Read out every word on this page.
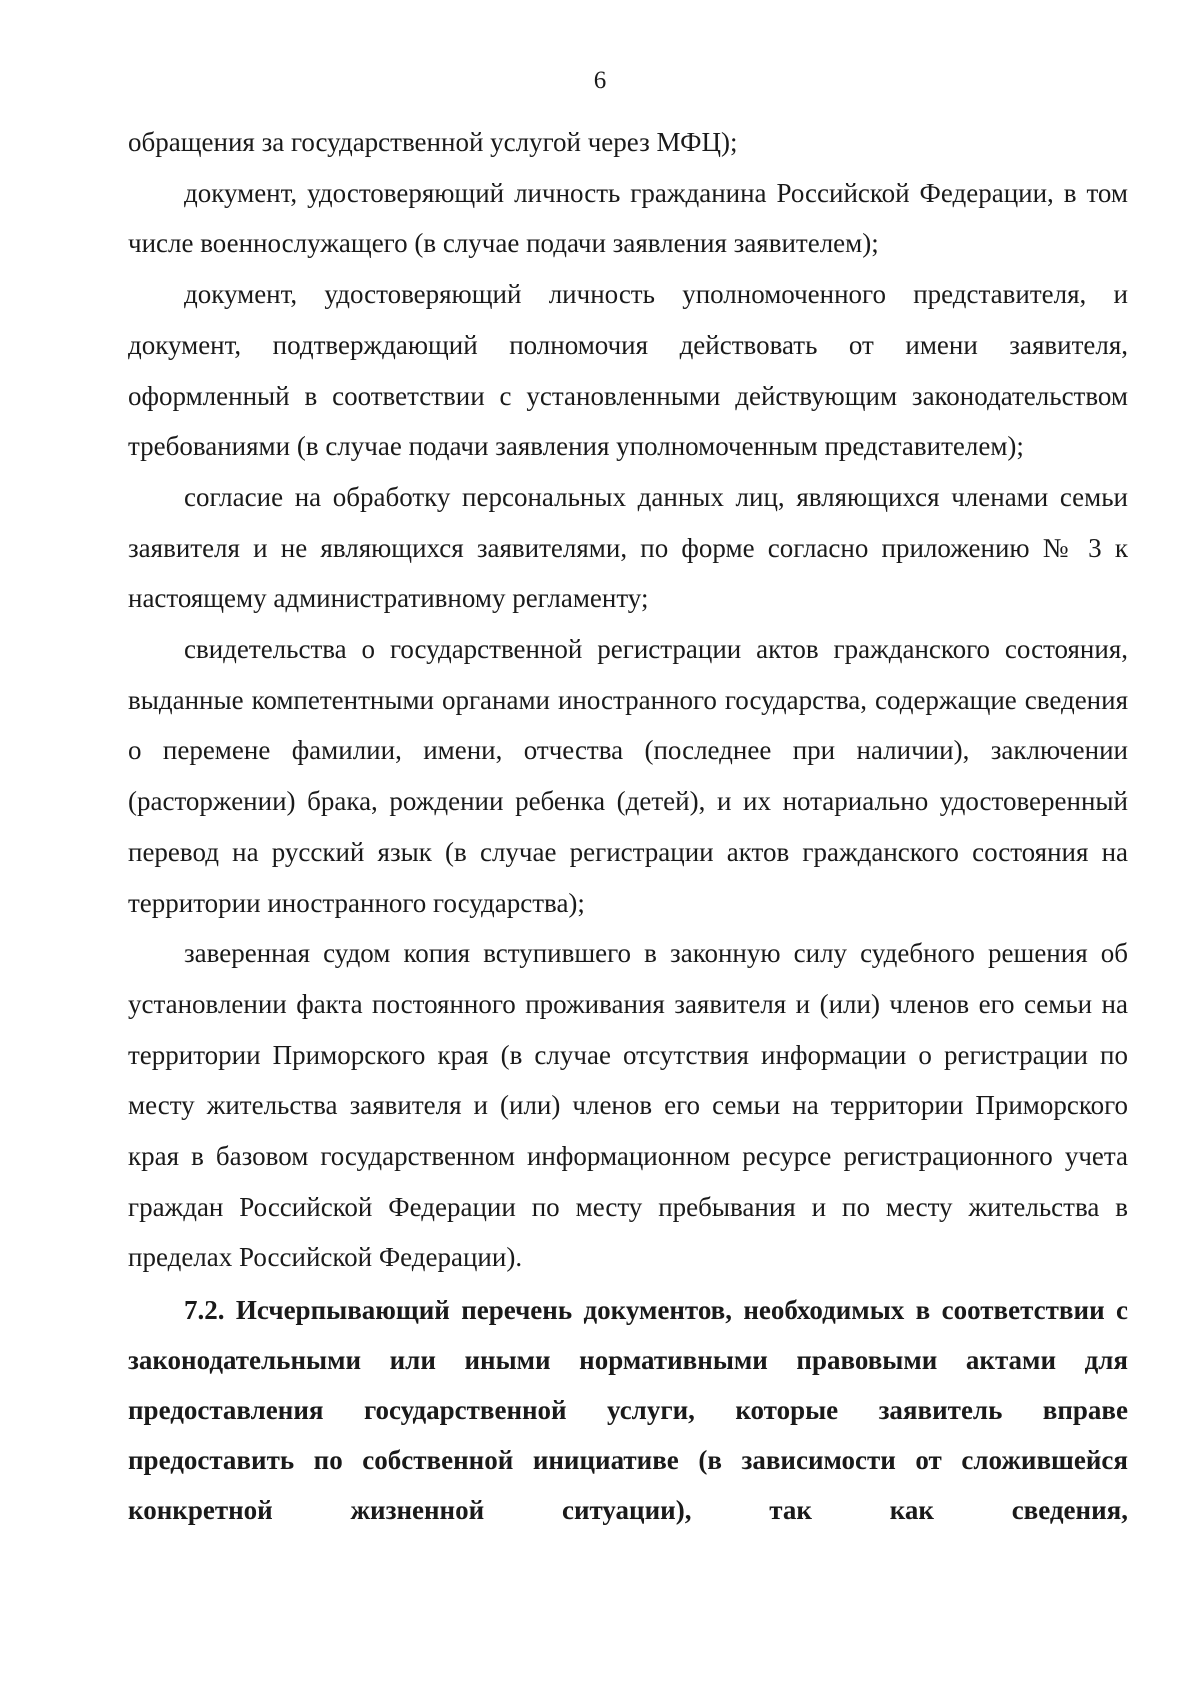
6

обращения за государственной услугой через МФЦ);

документ, удостоверяющий личность гражданина Российской Федерации, в том числе военнослужащего (в случае подачи заявления заявителем);

документ, удостоверяющий личность уполномоченного представителя, и документ, подтверждающий полномочия действовать от имени заявителя, оформленный в соответствии с установленными действующим законодательством требованиями (в случае подачи заявления уполномоченным представителем);

согласие на обработку персональных данных лиц, являющихся членами семьи заявителя и не являющихся заявителями, по форме согласно приложению № 3 к настоящему административному регламенту;

свидетельства о государственной регистрации актов гражданского состояния, выданные компетентными органами иностранного государства, содержащие сведения о перемене фамилии, имени, отчества (последнее при наличии), заключении (расторжении) брака, рождении ребенка (детей), и их нотариально удостоверенный перевод на русский язык (в случае регистрации актов гражданского состояния на территории иностранного государства);

заверенная судом копия вступившего в законную силу судебного решения об установлении факта постоянного проживания заявителя и (или) членов его семьи на территории Приморского края (в случае отсутствия информации о регистрации по месту жительства заявителя и (или) членов его семьи на территории Приморского края в базовом государственном информационном ресурсе регистрационного учета граждан Российской Федерации по месту пребывания и по месту жительства в пределах Российской Федерации).

7.2. Исчерпывающий перечень документов, необходимых в соответствии с законодательными или иными нормативными правовыми актами для предоставления государственной услуги, которые заявитель вправе предоставить по собственной инициативе (в зависимости от сложившейся конкретной жизненной ситуации), так как сведения,
